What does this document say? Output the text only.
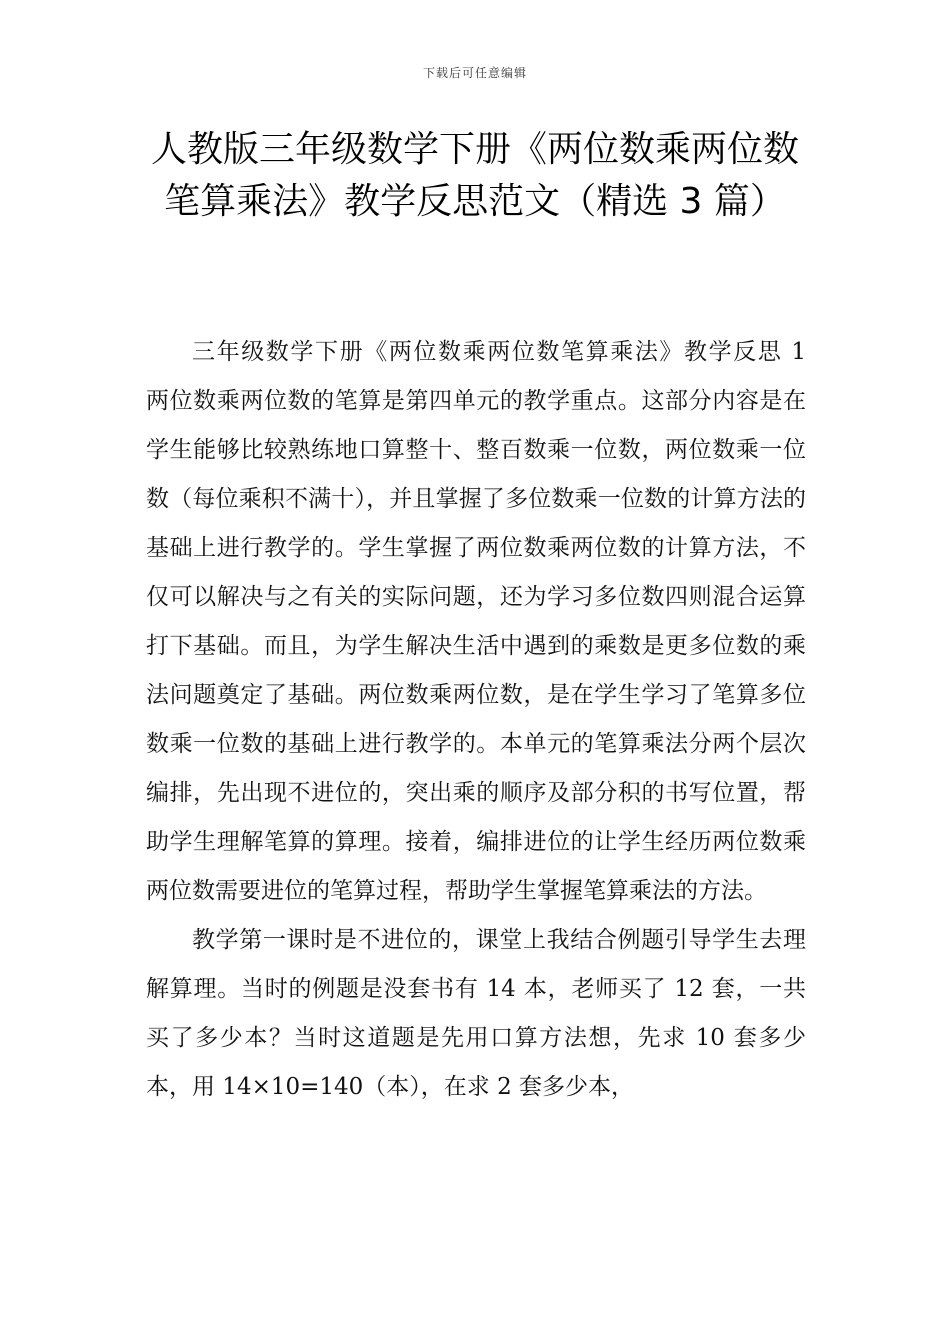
下载后可任意编辑
人教版三年级数学下册《两位数乘两位数
笔算乘法》教学反思范文（精选 3 篇）

三年级数学下册《两位数乘两位数笔算乘法》教学反思 1　　两位数乘两位数的笔算是第四单元的教学重点。这部分内容是在学生能够比较熟练地口算整十、整百数乘一位数，两位数乘一位数（每位乘积不满十），并且掌握了多位数乘一位数的计算方法的基础上进行教学的。学生掌握了两位数乘两位数的计算方法，不仅可以解决与之有关的实际问题，还为学习多位数四则混合运算打下基础。而且，为学生解决生活中遇到的乘数是更多位数的乘法问题奠定了基础。两位数乘两位数，是在学生学习了笔算多位数乘一位数的基础上进行教学的。本单元的笔算乘法分两个层次编排，先出现不进位的，突出乘的顺序及部分积的书写位置，帮助学生理解笔算的算理。接着，编排进位的让学生经历两位数乘两位数需要进位的笔算过程，帮助学生掌握笔算乘法的方法。

教学第一课时是不进位的，课堂上我结合例题引导学生去理解算理。当时的例题是没套书有 14 本，老师买了 12 套，一共买了多少本？当时这道题是先用口算方法想，先求 10 套多少本，用 14×10=140（本），在求 2 套多少本，
